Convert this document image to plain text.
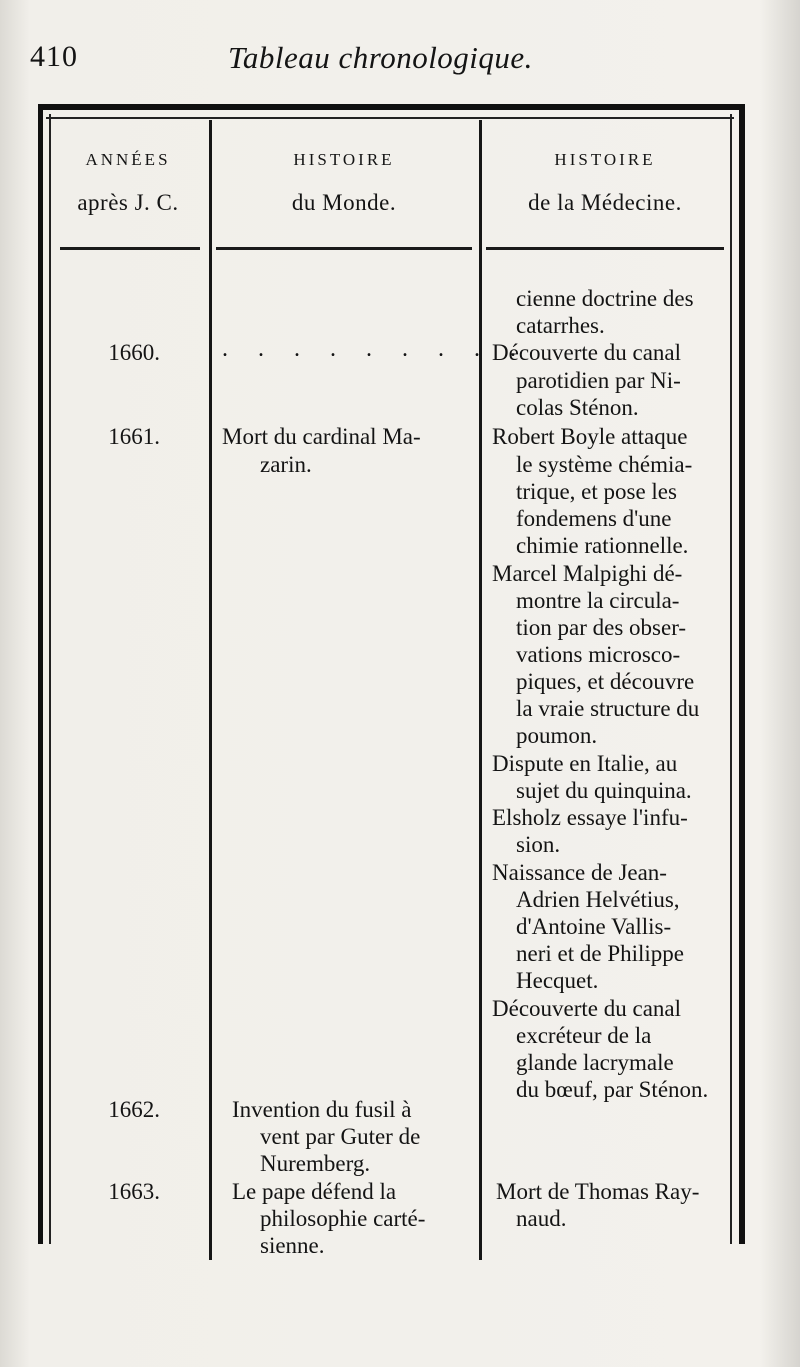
410	Tableau chronologique.
ANNÉES
après J. C.
HISTOIRE
du Monde.
HISTOIRE
de la Médecine.
1660.
1661.
1662.
1663.
. . . . . . . . .
Mort du cardinal Ma-
zarin.
Invention du fusil à
vent par Guter de
Nuremberg.
Le pape défend la
philosophie carté-
sienne.
cienne doctrine des
catarrhes.
Découverte du canal
parotidien par Ni-
colas Sténon.
Robert Boyle attaque
le système chémia-
trique, et pose les
fondemens d'une
chimie rationnelle.
Marcel Malpighi dé-
montre la circula-
tion par des obser-
vations microsco-
piques, et découvre
la vraie structure du
poumon.
Dispute en Italie, au
sujet du quinquina.
Elsholz essaye l'infu-
sion.
Naissance de Jean-
Adrien Helvétius,
d'Antoine Vallis-
neri et de Philippe
Hecquet.
Découverte du canal
excréteur de la
glande lacrymale
du bœuf, par Sténon.
Mort de Thomas Ray-
naud.
